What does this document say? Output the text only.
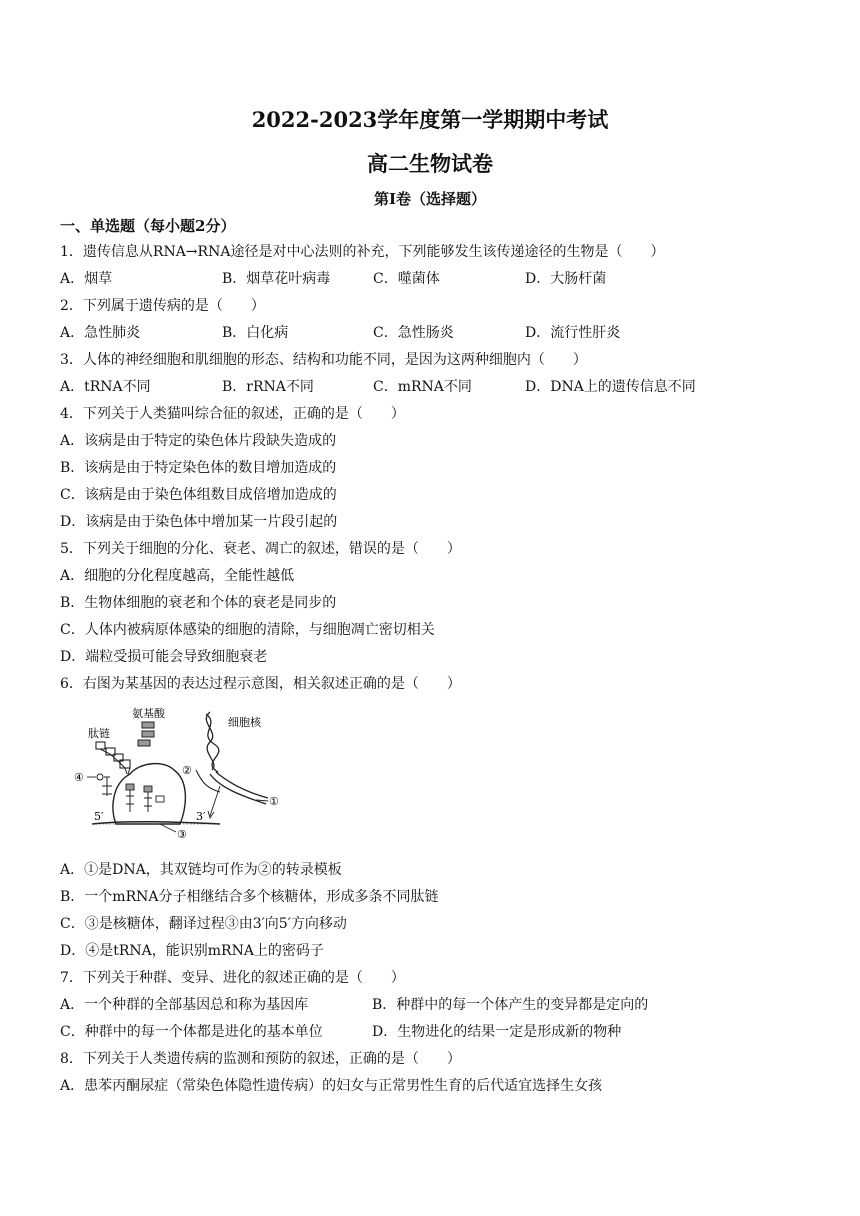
2022-2023学年度第一学期期中考试
高二生物试卷
第I卷（选择题）
一、单选题（每小题2分）
1．遗传信息从RNA→RNA途径是对中心法则的补充，下列能够发生该传递途径的生物是（　　）
A．烟草	B．烟草花叶病毒	C．噬菌体	D．大肠杆菌
2．下列属于遗传病的是（　　）
A．急性肺炎	B．白化病	C．急性肠炎	D．流行性肝炎
3．人体的神经细胞和肌细胞的形态、结构和功能不同，是因为这两种细胞内（　　）
A．tRNA不同	B．rRNA不同	C．mRNA不同	D．DNA上的遗传信息不同
4．下列关于人类猫叫综合征的叙述，正确的是（　　）
A．该病是由于特定的染色体片段缺失造成的
B．该病是由于特定染色体的数目增加造成的
C．该病是由于染色体组数目成倍增加造成的
D．该病是由于染色体中增加某一片段引起的
5．下列关于细胞的分化、衰老、凋亡的叙述，错误的是（　　）
A．细胞的分化程度越高，全能性越低
B．生物体细胞的衰老和个体的衰老是同步的
C．人体内被病原体感染的细胞的清除，与细胞凋亡密切相关
D．端粒受损可能会导致细胞衰老
6．右图为某基因的表达过程示意图，相关叙述正确的是（　　）
肽链
氨基酸
细胞核
①
②
④
5′	3′
③
A．①是DNA，其双链均可作为②的转录模板
B．一个mRNA分子相继结合多个核糖体，形成多条不同肽链
C．③是核糖体，翻译过程③由3′向5′方向移动
D．④是tRNA，能识别mRNA上的密码子
7．下列关于种群、变异、进化的叙述正确的是（　　）
A．一个种群的全部基因总和称为基因库	B．种群中的每一个体产生的变异都是定向的
C．种群中的每一个体都是进化的基本单位	D．生物进化的结果一定是形成新的物种
8．下列关于人类遗传病的监测和预防的叙述，正确的是（　　）
A．患苯丙酮尿症（常染色体隐性遗传病）的妇女与正常男性生育的后代适宜选择生女孩
